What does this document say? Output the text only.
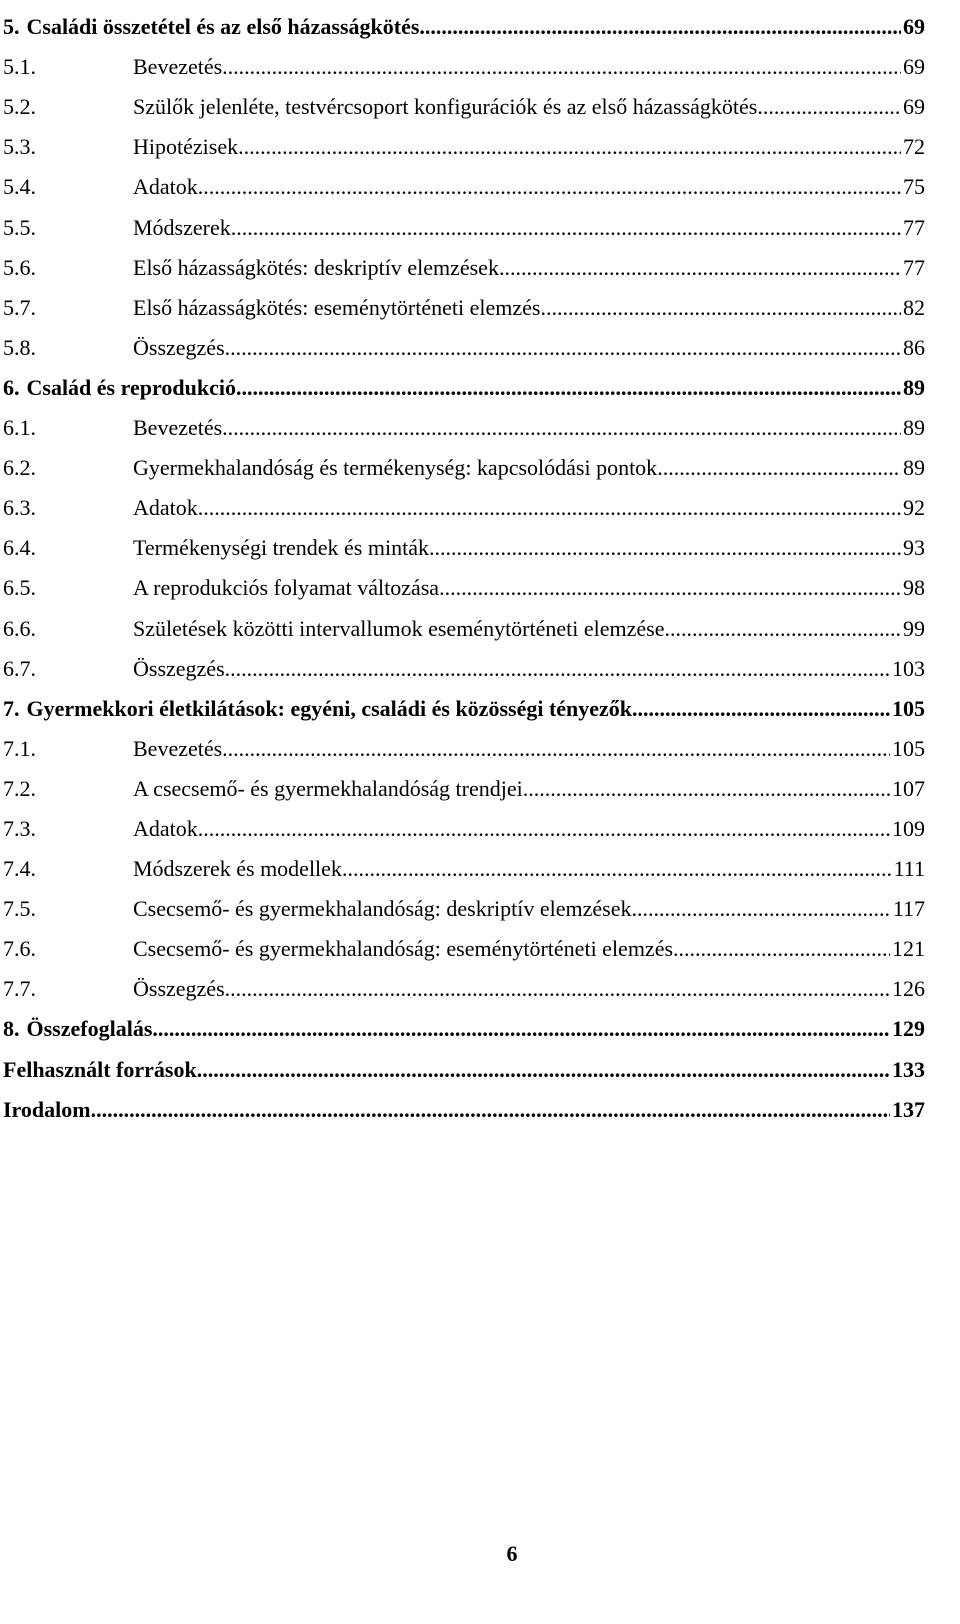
5. Családi összetétel és az első házasságkötés .....	69
5.1.	Bevezetés .....	69
5.2.	Szülők jelenléte, testvércsoport konfigurációk és az első házasságkötés .....	69
5.3.	Hipotézisek .....	72
5.4.	Adatok .....	75
5.5.	Módszerek .....	77
5.6.	Első házasságkötés: deskriptív elemzések .....	77
5.7.	Első házasságkötés: eseménytörténeti elemzés .....	82
5.8.	Összegzés .....	86
6. Család és reprodukció .....	89
6.1.	Bevezetés .....	89
6.2.	Gyermekhalandóság és termékenység: kapcsolódási pontok .....	89
6.3.	Adatok .....	92
6.4.	Termékenységi trendek és minták .....	93
6.5.	A reprodukciós folyamat változása .....	98
6.6.	Születések közötti intervallumok eseménytörténeti elemzése .....	99
6.7.	Összegzés .....	103
7. Gyermekkori életkilátások: egyéni, családi és közösségi tényezők .....	105
7.1.	Bevezetés .....	105
7.2.	A csecsemő- és gyermekhalandóság trendjei .....	107
7.3.	Adatok .....	109
7.4.	Módszerek és modellek .....	111
7.5.	Csecsemő- és gyermekhalandóság: deskriptív elemzések .....	117
7.6.	Csecsemő- és gyermekhalandóság: eseménytörténeti elemzés .....	121
7.7.	Összegzés .....	126
8. Összefoglalás .....	129
Felhasznált források .....	133
Irodalom .....	137
6
